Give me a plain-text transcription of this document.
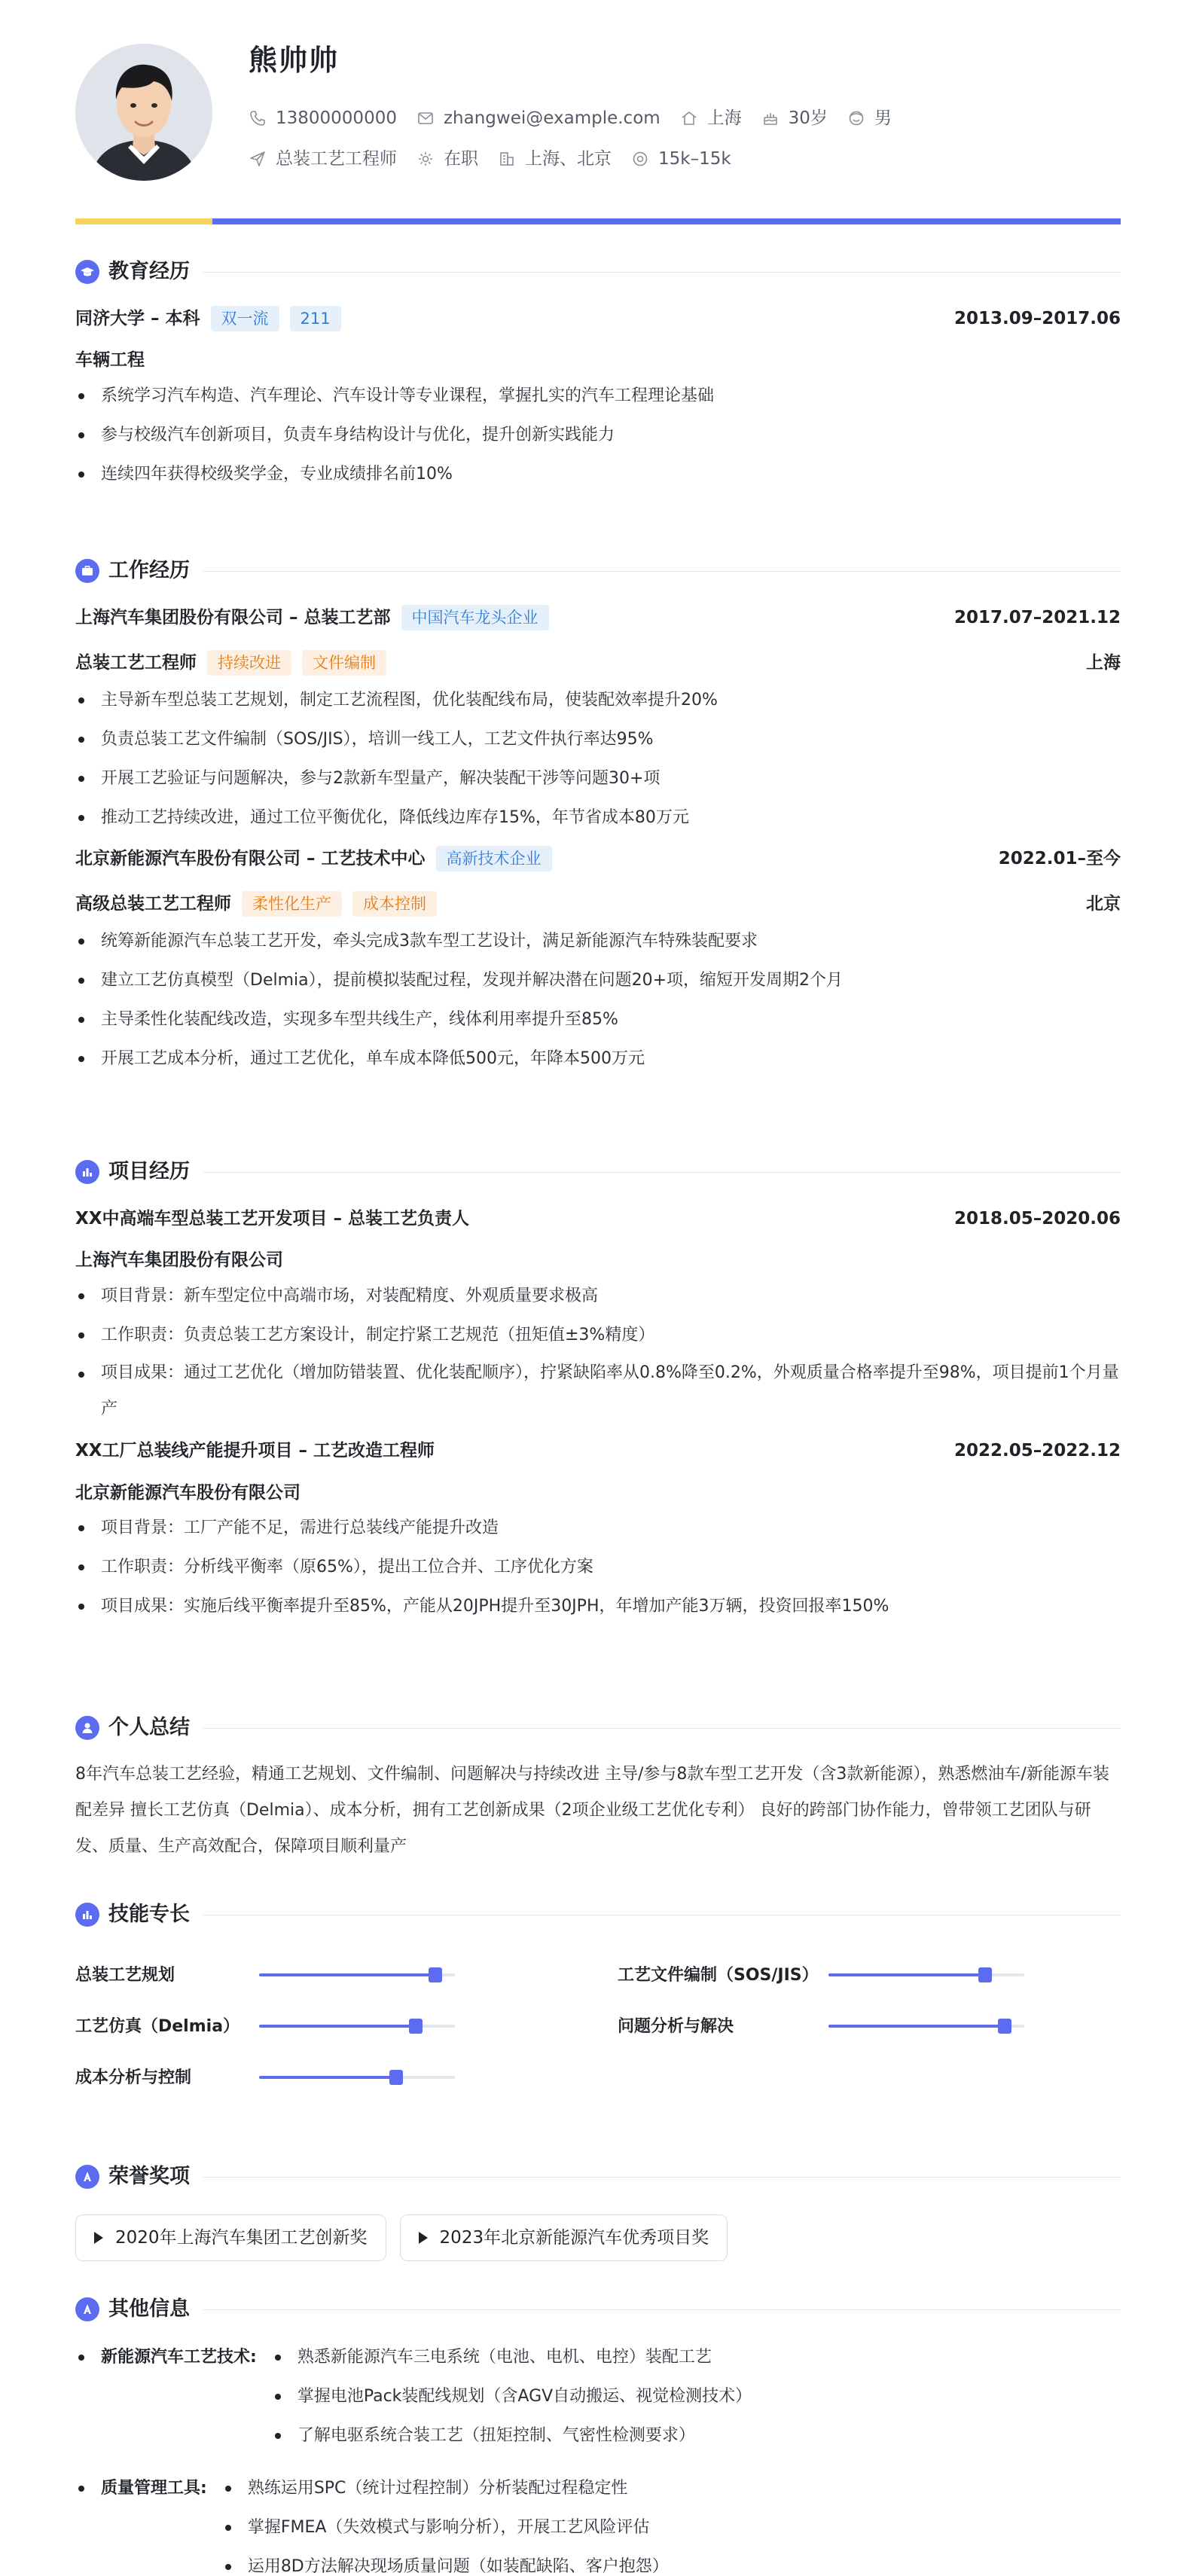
熊帅帅
13800000000	zhangwei@example.com	上海	30岁	男
总装工艺工程师	在职	上海、北京	15k–15k
教育经历
同济大学 – 本科	双一流	211	2013.09–2017.06
车辆工程
系统学习汽车构造、汽车理论、汽车设计等专业课程，掌握扎实的汽车工程理论基础
参与校级汽车创新项目，负责车身结构设计与优化，提升创新实践能力
连续四年获得校级奖学金，专业成绩排名前10%
工作经历
上海汽车集团股份有限公司 – 总装工艺部	中国汽车龙头企业	2017.07–2021.12
总装工艺工程师	持续改进	文件编制	上海
主导新车型总装工艺规划，制定工艺流程图，优化装配线布局，使装配效率提升20%
负责总装工艺文件编制（SOS/JIS），培训一线工人，工艺文件执行率达95%
开展工艺验证与问题解决，参与2款新车型量产，解决装配干涉等问题30+项
推动工艺持续改进，通过工位平衡优化，降低线边库存15%，年节省成本80万元
北京新能源汽车股份有限公司 – 工艺技术中心	高新技术企业	2022.01–至今
高级总装工艺工程师	柔性化生产	成本控制	北京
统筹新能源汽车总装工艺开发，牵头完成3款车型工艺设计，满足新能源汽车特殊装配要求
建立工艺仿真模型（Delmia），提前模拟装配过程，发现并解决潜在问题20+项，缩短开发周期2个月
主导柔性化装配线改造，实现多车型共线生产，线体利用率提升至85%
开展工艺成本分析，通过工艺优化，单车成本降低500元，年降本500万元
项目经历
XX中高端车型总装工艺开发项目 – 总装工艺负责人	2018.05–2020.06
上海汽车集团股份有限公司
项目背景：新车型定位中高端市场，对装配精度、外观质量要求极高
工作职责：负责总装工艺方案设计，制定拧紧工艺规范（扭矩值±3%精度）
项目成果：通过工艺优化（增加防错装置、优化装配顺序），拧紧缺陷率从0.8%降至0.2%，外观质量合格率提升至98%，项目提前1个月量产
XX工厂总装线产能提升项目 – 工艺改造工程师	2022.05–2022.12
北京新能源汽车股份有限公司
项目背景：工厂产能不足，需进行总装线产能提升改造
工作职责：分析线平衡率（原65%），提出工位合并、工序优化方案
项目成果：实施后线平衡率提升至85%，产能从20JPH提升至30JPH，年增加产能3万辆，投资回报率150%
个人总结

8年汽车总装工艺经验，精通工艺规划、文件编制、问题解决与持续改进 主导/参与8款车型工艺开发（含3款新能源），熟悉燃油车/新能源车装配差异 擅长工艺仿真（Delmia）、成本分析，拥有工艺创新成果（2项企业级工艺优化专利） 良好的跨部门协作能力，曾带领工艺团队与研发、质量、生产高效配合，保障项目顺利量产

技能专长
总装工艺规划	工艺文件编制（SOS/JIS）
工艺仿真（Delmia）	问题分析与解决
成本分析与控制
荣誉奖项
2020年上海汽车集团工艺创新奖	2023年北京新能源汽车优秀项目奖
其他信息
新能源汽车工艺技术:	熟悉新能源汽车三电系统（电池、电机、电控）装配工艺
掌握电池Pack装配线规划（含AGV自动搬运、视觉检测技术）
了解电驱系统合装工艺（扭矩控制、气密性检测要求）
质量管理工具:	熟练运用SPC（统计过程控制）分析装配过程稳定性
掌握FMEA（失效模式与影响分析），开展工艺风险评估
运用8D方法解决现场质量问题（如装配缺陷、客户抱怨）
